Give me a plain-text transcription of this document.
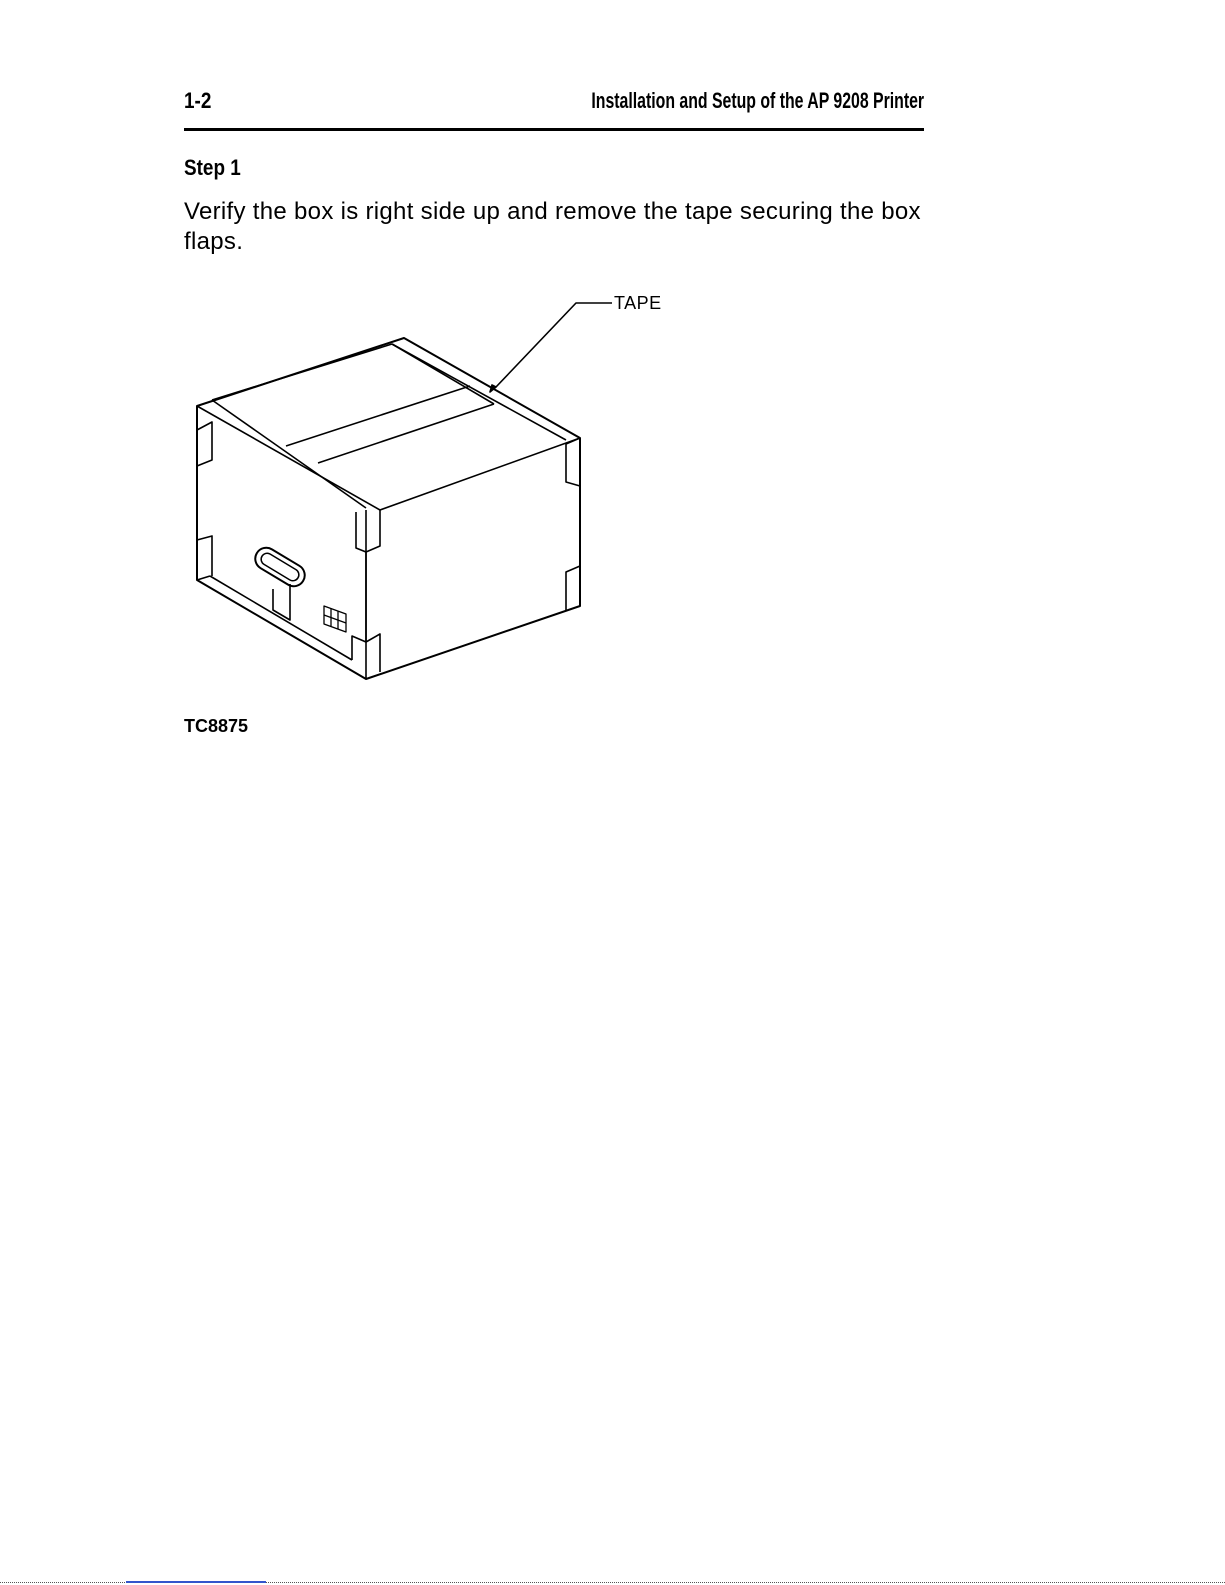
1-2	Installation and Setup of the AP 9208 Printer
Step 1
Verify the box is right side up and remove the tape securing the box flaps.
TAPE
TC8875
